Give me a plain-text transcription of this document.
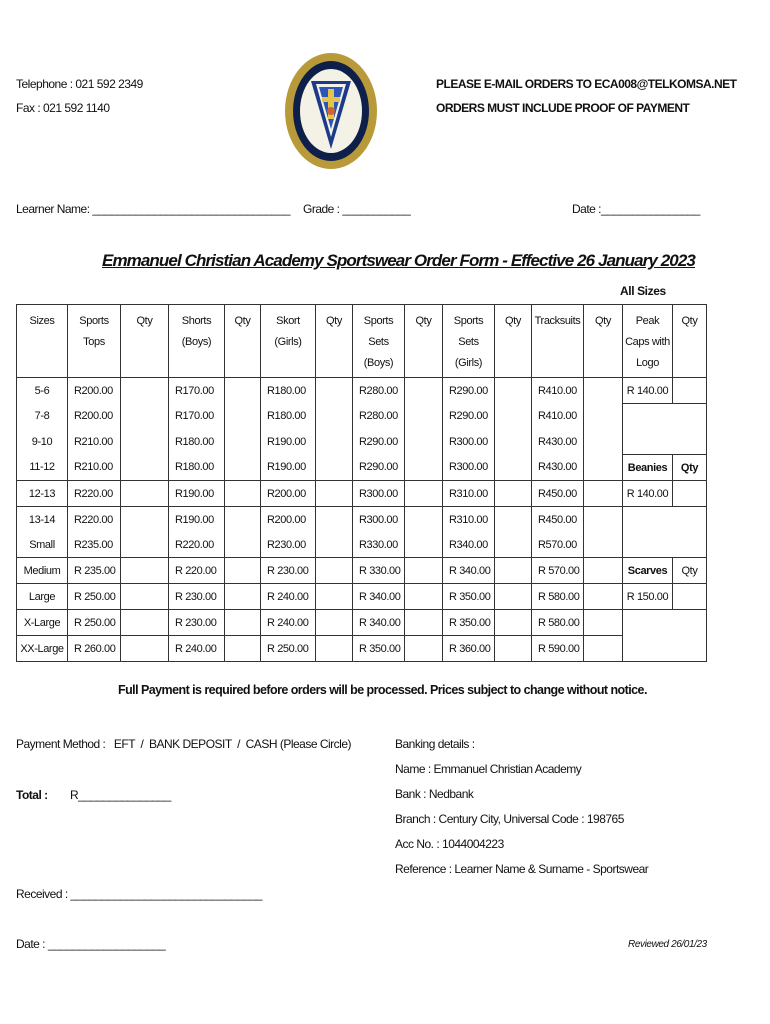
Telephone : 021 592 2349
Fax : 021 592 1140
PLEASE E-MAIL ORDERS TO ECA008@TELKOMSA.NET
ORDERS MUST INCLUDE PROOF OF PAYMENT
Learner Name: ________________________________ Grade : ___________	Date :________________
Emmanuel Christian Academy Sportswear Order Form - Effective 26 January 2023
All Sizes
Sizes	Sports Tops	Qty	Shorts (Boys)	Qty	Skort (Girls)	Qty	Sports Sets (Boys)	Qty	Sports Sets (Girls)	Qty	Tracksuits	Qty	Peak Caps with Logo	Qty
5-6	R200.00		R170.00		R180.00		R280.00		R290.00		R410.00		R 140.00	
7-8	R200.00		R170.00		R180.00		R280.00		R290.00		R410.00			
9-10	R210.00		R180.00		R190.00		R290.00		R300.00		R430.00			
11-12	R210.00		R180.00		R190.00		R290.00		R300.00		R430.00		Beanies	Qty
12-13	R220.00		R190.00		R200.00		R300.00		R310.00		R450.00		R 140.00	
13-14	R220.00		R190.00		R200.00		R300.00		R310.00		R450.00			
Small	R235.00		R220.00		R230.00		R330.00		R340.00		R570.00			
Medium	R 235.00		R 220.00		R 230.00		R 330.00		R 340.00		R 570.00		Scarves	Qty
Large	R 250.00		R 230.00		R 240.00		R 340.00		R 350.00		R 580.00		R 150.00	
X-Large	R 250.00		R 230.00		R 240.00		R 340.00		R 350.00		R 580.00			
XX-Large	R 260.00		R 240.00		R 250.00		R 350.00		R 360.00		R 590.00			
Full Payment is required before orders will be processed. Prices subject to change without notice.
Payment Method :   EFT  /  BANK DEPOSIT  /  CASH (Please Circle)
Total : R_______________
Received : _______________________________
Date : ___________________
Banking details :
Name : Emmanuel Christian Academy
Bank : Nedbank
Branch : Century City, Universal Code : 198765
Acc No. : 1044004223
Reference : Learner Name & Surname - Sportswear
Reviewed 26/01/23
